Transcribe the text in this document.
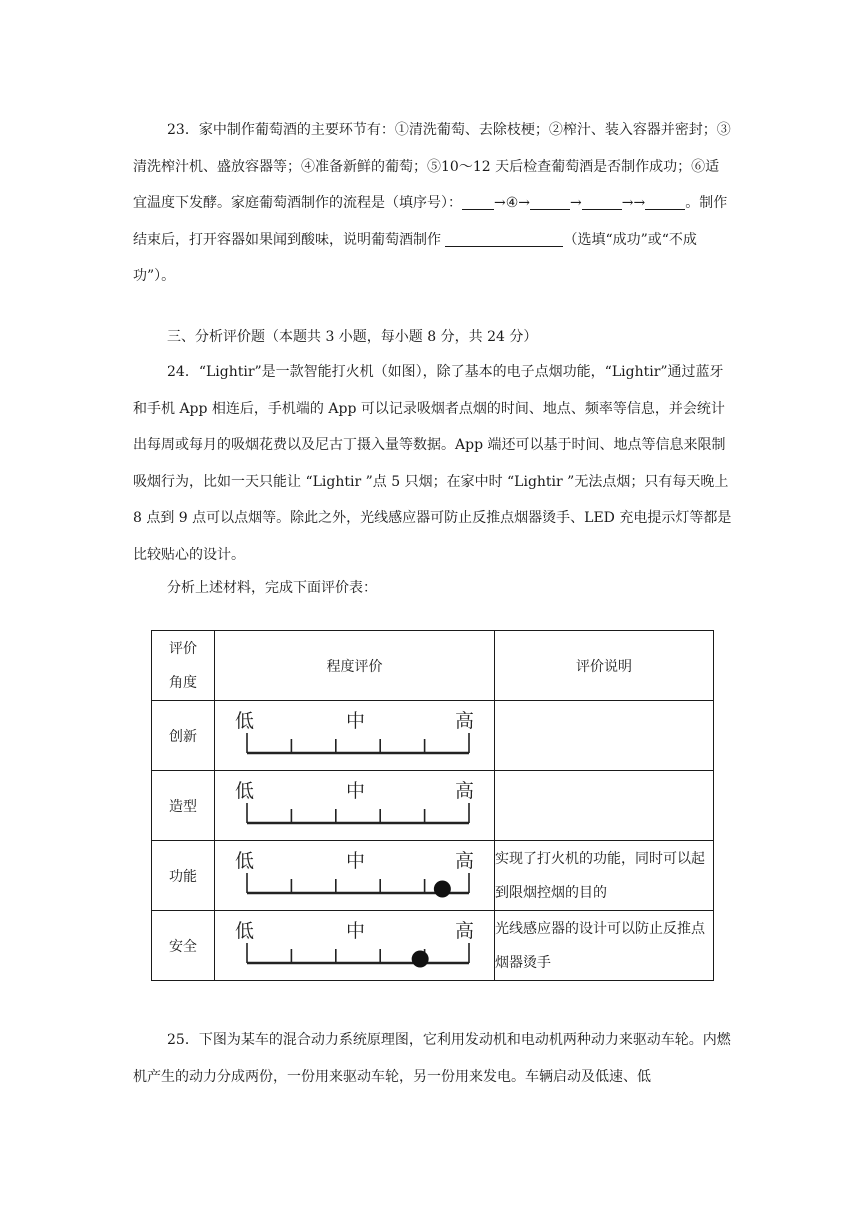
23．家中制作葡萄酒的主要环节有：①清洗葡萄、去除枝梗；②榨汁、装入容器并密封；③清洗榨汁机、盛放容器等；④准备新鲜的葡萄；⑤10～12 天后检查葡萄酒是否制作成功；⑥适宜温度下发酵。家庭葡萄酒制作的流程是（填序号）： →④→	→	→→	。制作结束后，打开容器如果闻到酸味，说明葡萄酒制作	（选填“成功”或“不成功”）。

三、分析评价题（本题共 3 小题，每小题 8 分，共 24 分）

24．“Lightir”是一款智能打火机（如图），除了基本的电子点烟功能，“Lightir”通过蓝牙和手机 App 相连后，手机端的 App 可以记录吸烟者点烟的时间、地点、频率等信息，并会统计出每周或每月的吸烟花费以及尼古丁摄入量等数据。App 端还可以基于时间、地点等信息来限制吸烟行为，比如一天只能让 “Lightir ”点 5 只烟；在家中时 “Lightir ”无法点烟；只有每天晚上 8 点到 9 点可以点烟等。除此之外，光线感应器可防止反推点烟器烫手、LED 充电提示灯等都是比较贴心的设计。

分析上述材料，完成下面评价表：

评价
角度	程度评价	评价说明
创新	低 中 高	

造型	低 中 高	

功能	低 中 高	实现了打火机的功能，同时可以起到限烟控烟的目的
安全	低 中 高	光线感应器的设计可以防止反推点烟器烫手

25．下图为某车的混合动力系统原理图，它利用发动机和电动机两种动力来驱动车轮。内燃机产生的动力分成两份，一份用来驱动车轮，另一份用来发电。车辆启动及低速、低
